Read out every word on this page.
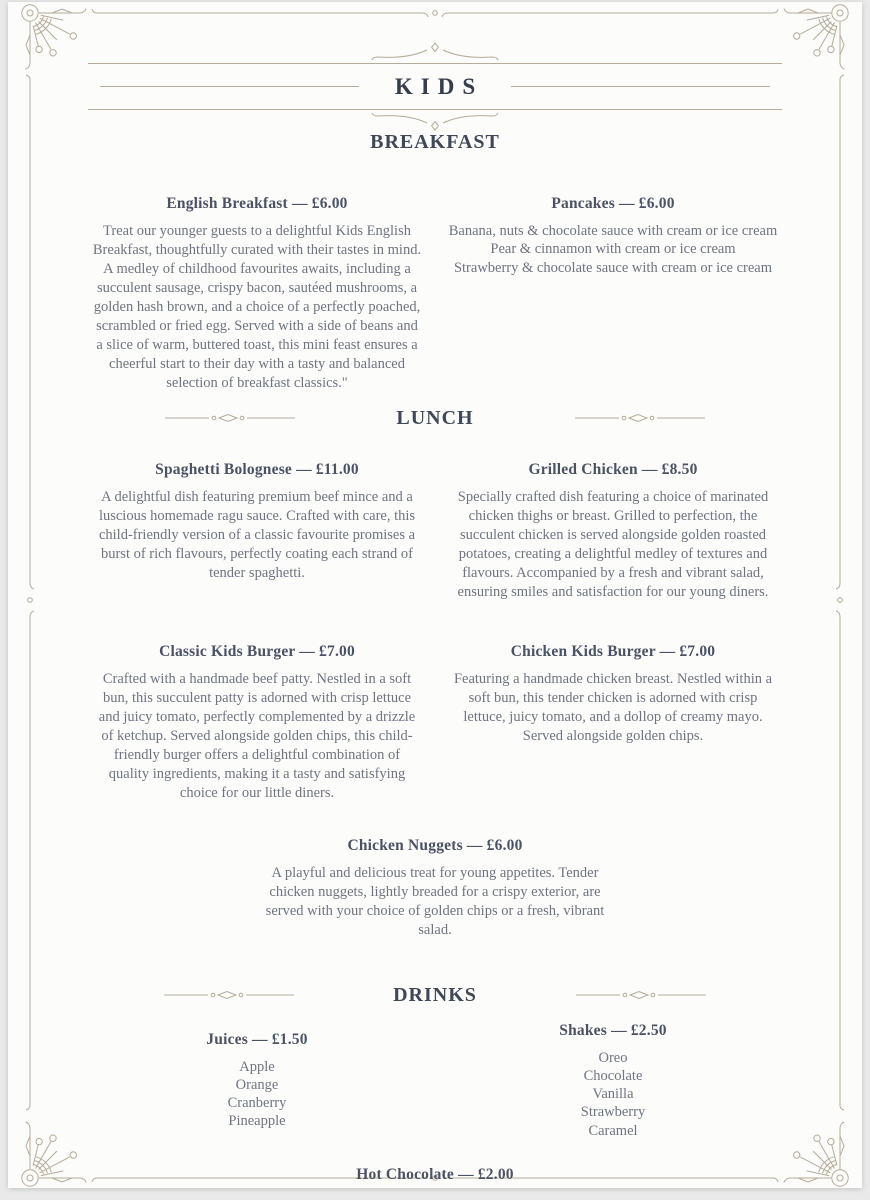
KIDS
BREAKFAST
English Breakfast — £6.00

Treat our younger guests to a delightful Kids English Breakfast, thoughtfully curated with their tastes in mind. A medley of childhood favourites awaits, including a succulent sausage, crispy bacon, sautéed mushrooms, a golden hash brown, and a choice of a perfectly poached, scrambled or fried egg. Served with a side of beans and a slice of warm, buttered toast, this mini feast ensures a cheerful start to their day with a tasty and balanced selection of breakfast classics."

Pancakes — £6.00
Banana, nuts & chocolate sauce with cream or ice cream
Pear & cinnamon with cream or ice cream
Strawberry & chocolate sauce with cream or ice cream
LUNCH
Spaghetti Bolognese — £11.00

A delightful dish featuring premium beef mince and a luscious homemade ragu sauce. Crafted with care, this child-friendly version of a classic favourite promises a burst of rich flavours, perfectly coating each strand of tender spaghetti.

Grilled Chicken — £8.50

Specially crafted dish featuring a choice of marinated chicken thighs or breast. Grilled to perfection, the succulent chicken is served alongside golden roasted potatoes, creating a delightful medley of textures and flavours. Accompanied by a fresh and vibrant salad, ensuring smiles and satisfaction for our young diners.

Classic Kids Burger — £7.00

Crafted with a handmade beef patty. Nestled in a soft bun, this succulent patty is adorned with crisp lettuce and juicy tomato, perfectly complemented by a drizzle of ketchup. Served alongside golden chips, this child-friendly burger offers a delightful combination of quality ingredients, making it a tasty and satisfying choice for our little diners.

Chicken Kids Burger — £7.00

Featuring a handmade chicken breast. Nestled within a soft bun, this tender chicken is adorned with crisp lettuce, juicy tomato, and a dollop of creamy mayo. Served alongside golden chips.

Chicken Nuggets — £6.00

A playful and delicious treat for young appetites. Tender chicken nuggets, lightly breaded for a crispy exterior, are served with your choice of golden chips or a fresh, vibrant salad.

DRINKS
Juices — £1.50
Apple
Orange
Cranberry
Pineapple
Shakes — £2.50
Oreo
Chocolate
Vanilla
Strawberry
Caramel
Hot Chocolate — £2.00
